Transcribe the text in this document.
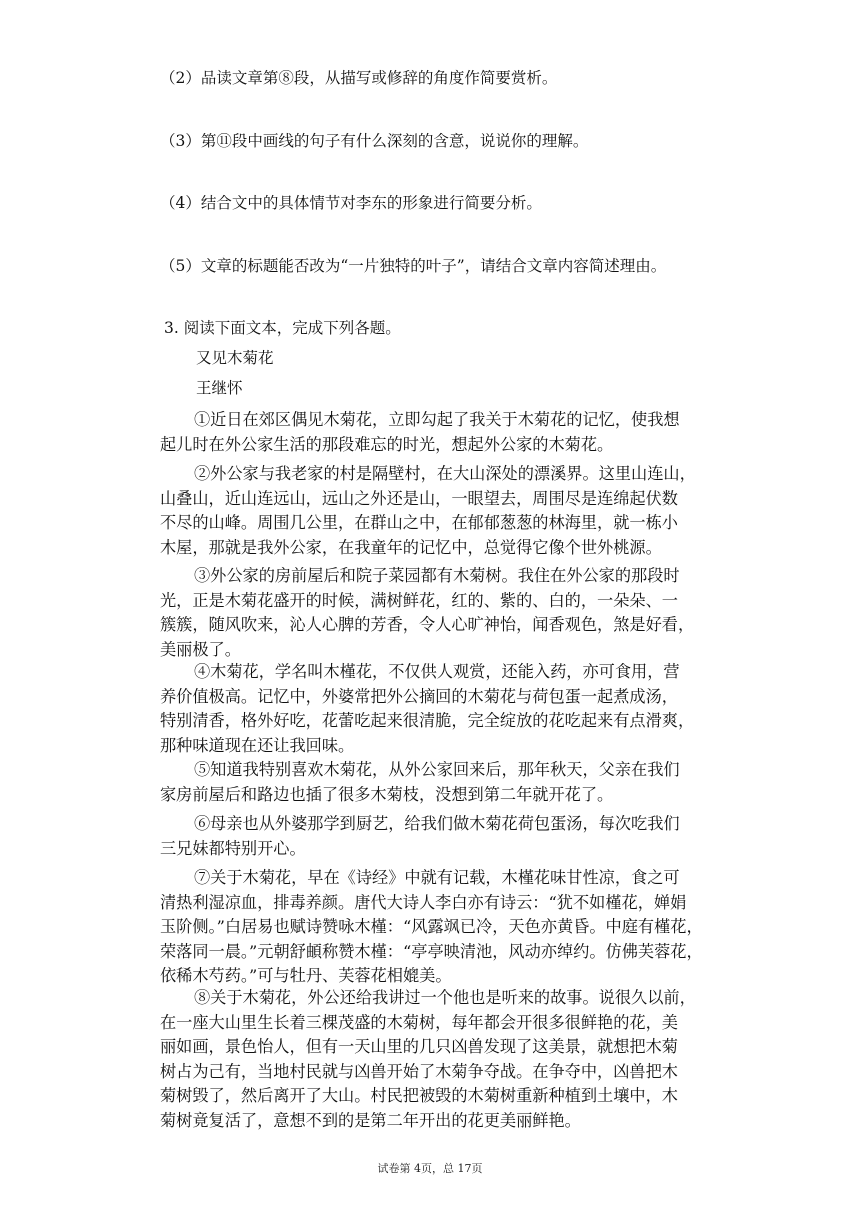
（2）品读文章第⑧段，从描写或修辞的角度作简要赏析。
（3）第⑪段中画线的句子有什么深刻的含意，说说你的理解。
（4）结合文中的具体情节对李东的形象进行简要分析。
（5）文章的标题能否改为“一片独特的叶子”，请结合文章内容简述理由。
3. 阅读下面文本，完成下列各题。
又见木菊花
王继怀
①近日在郊区偶见木菊花，立即勾起了我关于木菊花的记忆，使我想
起儿时在外公家生活的那段难忘的时光，想起外公家的木菊花。
②外公家与我老家的村是隔壁村，在大山深处的漂溪界。这里山连山，
山叠山，近山连远山，远山之外还是山，一眼望去，周围尽是连绵起伏数
不尽的山峰。周围几公里，在群山之中，在郁郁葱葱的林海里，就一栋小
木屋，那就是我外公家，在我童年的记忆中，总觉得它像个世外桃源。
③外公家的房前屋后和院子菜园都有木菊树。我住在外公家的那段时
光，正是木菊花盛开的时候，满树鲜花，红的、紫的、白的，一朵朵、一
簇簇，随风吹来，沁人心脾的芳香，令人心旷神怡，闻香观色，煞是好看，
美丽极了。
④木菊花，学名叫木槿花，不仅供人观赏，还能入药，亦可食用，营
养价值极高。记忆中，外婆常把外公摘回的木菊花与荷包蛋一起煮成汤，
特别清香，格外好吃，花蕾吃起来很清脆，完全绽放的花吃起来有点滑爽，
那种味道现在还让我回味。
⑤知道我特别喜欢木菊花，从外公家回来后，那年秋天，父亲在我们
家房前屋后和路边也插了很多木菊枝，没想到第二年就开花了。
⑥母亲也从外婆那学到厨艺，给我们做木菊花荷包蛋汤，每次吃我们
三兄妹都特别开心。
⑦关于木菊花，早在《诗经》中就有记载，木槿花味甘性凉，食之可
清热利湿凉血，排毒养颜。唐代大诗人李白亦有诗云：“犹不如槿花，婵娟
玉阶侧。”白居易也赋诗赞咏木槿：“风露飒已冷，天色亦黄昏。中庭有槿花，
荣落同一晨。”元朝舒頔称赞木槿：“亭亭映清池，风动亦绰约。仿佛芙蓉花，
依稀木芍药。”可与牡丹、芙蓉花相媲美。
⑧关于木菊花，外公还给我讲过一个他也是听来的故事。说很久以前，
在一座大山里生长着三棵茂盛的木菊树，每年都会开很多很鲜艳的花，美
丽如画，景色怡人，但有一天山里的几只凶兽发现了这美景，就想把木菊
树占为己有，当地村民就与凶兽开始了木菊争夺战。在争夺中，凶兽把木
菊树毁了，然后离开了大山。村民把被毁的木菊树重新种植到土壤中，木
菊树竟复活了，意想不到的是第二年开出的花更美丽鲜艳。
试卷第 4页，总 17页
